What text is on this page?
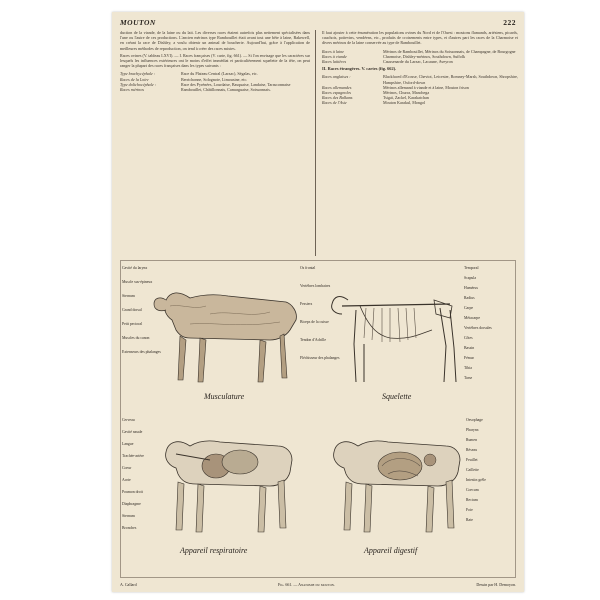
MOUTON	222

duction de la viande, de la laine ou du lait. Les diverses races étaient autrefois plus nettement spécialisées dans l'une ou l'autre de ces productions. L'ancien mérinos type Rambouillet était avant tout une bête à laine, Bakewell, en créant la race de Dishley, a voulu obtenir un animal de boucherie. Aujourd'hui, grâce à l'application de meilleures méthodes de reproduction, on tend à créer des races mixtes.

Races ovines (V. tableau LXVI). — I. Races françaises (V. carte, fig. 661). — Si l'on envisage que les caractères sur lesquels les influences extérieures ont le moins d'effet immédiat et particulièrement squelette de la tête, on peut ranger la plupart des races françaises dans les types suivants :

Type brachycéphale :	Race du Plateau Central (Larzac), Ségalas, etc.
Races de la Loire	Berrichonne, Solognote, Limousine, etc.
Type dolichocéphale :	Race des Pyrénées, Lourdaise, Basquaise, Landaise, Tarasconnaise
Races mérinos	Rambouillet, Châtillonnais, Camarguaise, Soissonnais.

Il faut ajouter à cette énumération les populations ovines du Nord et de l'Ouest : moutons flamands, artésiens, picards, cauchois, poitevins, vendéens, etc., produits de croisements entre types, et d'autres part les races de la Charmoise et divers mérinos de la laine conservée au type de Rambouillet.

Races à laine	Mérinos de Rambouillet, Mérinos du Soissonnais, de Champagne, de Bourgogne
Races à viande	Charmoise, Dishley-mérinos, Southdown, Suffolk
Races laitières	Caussenarde du Larzac, Lacaune, Aveyron
II. Races étrangères. V. cartes (fig. 662).
Races anglaises :	Blackfaced d'Ecosse, Cheviot, Leicester, Romney-Marsh, Southdown, Shropshire, Hampshire, Oxford-down
Races allemandes	Mérinos allemand à viande et à laine, Mouton frison
Races espagnoles	Mérinos, Churra, Manchega
Races des Balkans	Tsigaï, Zackel, Karakatchan
Races de l'Asie	Mouton Karakul, Mongol
Musculature	Squelette
Appareil respiratoire	Appareil digestif
Cavité du larynx
Muscle sus-épineux
Sternum
Grand dorsal
Petit pectoral
Muscles du canon
Extenseurs des phalanges
Os frontal
Vertèbres lombaires
Fessiers
Biceps de la cuisse
Tendon d'Achille
Fléchisseur des phalanges
Temporal
Scapula
Humérus
Radius
Carpe
Métacarpe
Vertèbres dorsales
Côtes
Bassin
Fémur
Tibia
Tarse
Cerveau
Cavité nasale
Langue
Trachée-artère
Coeur
Aorte
Poumon droit
Diaphragme
Sternum
Bronches
Oesophage
Pharynx
Rumen
Réseau
Feuillet
Caillette
Intestin grêle
Coecum
Rectum
Foie
Rate
A. Callard	Fig. 661. — Anatomie du mouton.	Dessin par H. Demoyon.
